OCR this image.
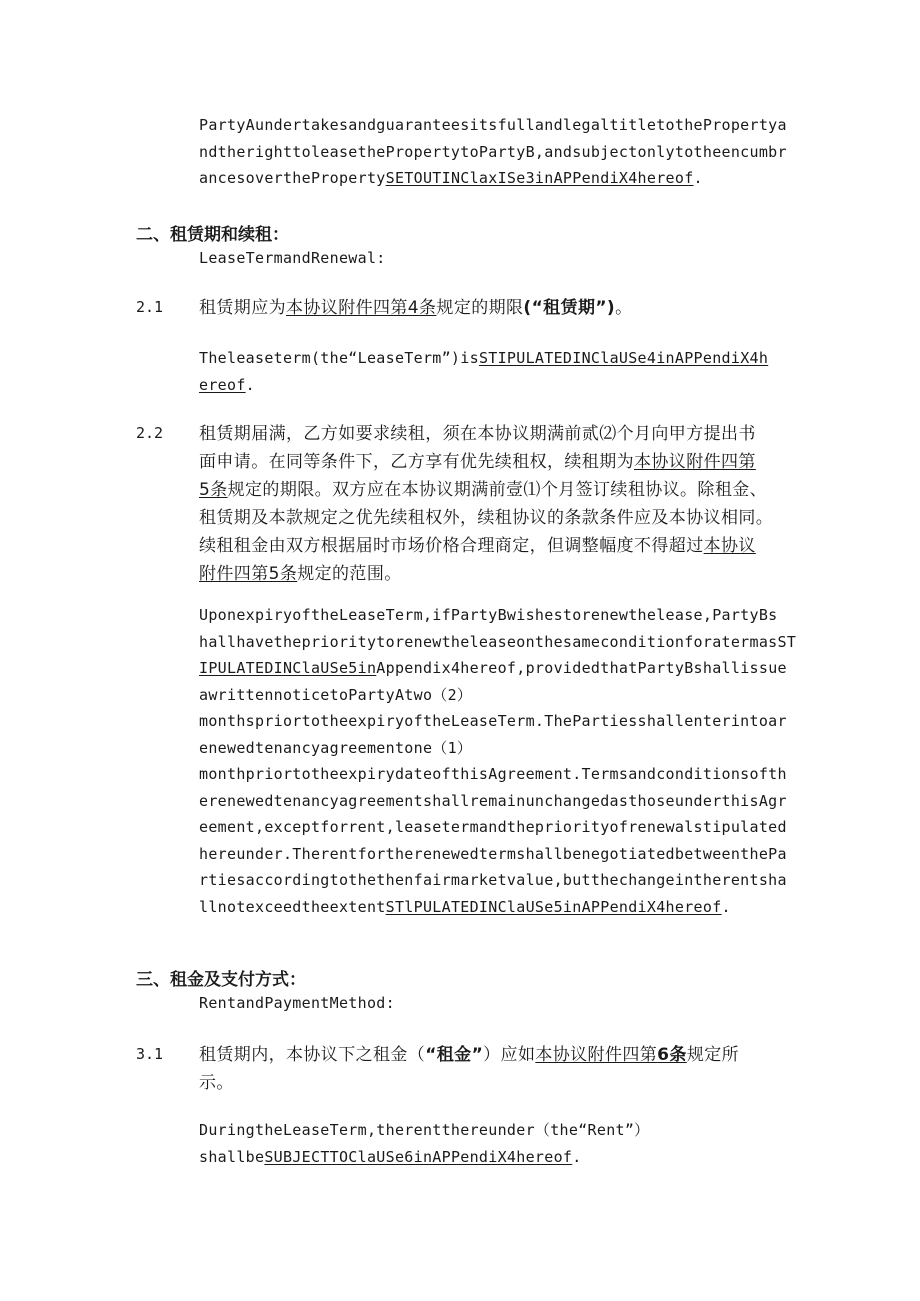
PartyAundertakesandguaranteesitsfullandlegaltitletothePropertya
ndtherighttoleasethePropertytoPartyB,andsubjectonlytotheencumbr
ancesoverthePropertySETOUTINClaxISe3inAPPendiX4hereof.
二、租赁期和续租：
LeaseTermandRenewal:
2.1 租赁期应为本协议附件四第4条规定的期限(“租赁期”)。
Theleaseterm(the“LeaseTerm”)isSTIPULATEDINClaUSe4inAPPendiX4h
ereof.
2.2 租赁期届满，乙方如要求续租，须在本协议期满前贰⑵个月向甲方提出书
面申请。在同等条件下，乙方享有优先续租权，续租期为本协议附件四第
5条规定的期限。双方应在本协议期满前壹⑴个月签订续租协议。除租金、
租赁期及本款规定之优先续租权外，续租协议的条款条件应及本协议相同。
续租租金由双方根据届时市场价格合理商定，但调整幅度不得超过本协议
附件四第5条规定的范围。
UponexpiryoftheLeaseTerm,ifPartyBwishestorenewthelease,PartyBs
hallhavetheprioritytorenewtheleaseonthesameconditionforatermasST
IPULATEDINClaUSe5inAppendix4hereof,providedthatPartyBshallissue
awrittennoticetoPartyAtwo（2）
monthspriortotheexpiryoftheLeaseTerm.ThePartiesshallenterintoar
enewedtenancyagreementone（1）
monthpriortotheexpirydateofthisAgreement.Termsandconditionsofth
erenewedtenancyagreementshallremainunchangedasthoseunderthisAgr
eement,exceptforrent,leasetermandthepriorityofrenewalstipulated
hereunder.TherentfortherenewedtermshallbenegotiatedbetweenthePa
rtiesaccordingtothethenfairmarketvalue,butthechangeintherentsha
llnotexceedtheextentSTlPULATEDINClaUSe5inAPPendiX4hereof.
三、租金及支付方式：
RentandPaymentMethod:
3.1 租赁期内，本协议下之租金（“租金”）应如本协议附件四第6条规定所
示。
DuringtheLeaseTerm,therentthereunder（the“Rent”）
shallbeSUBJECTTOClaUSe6inAPPendiX4hereof.
